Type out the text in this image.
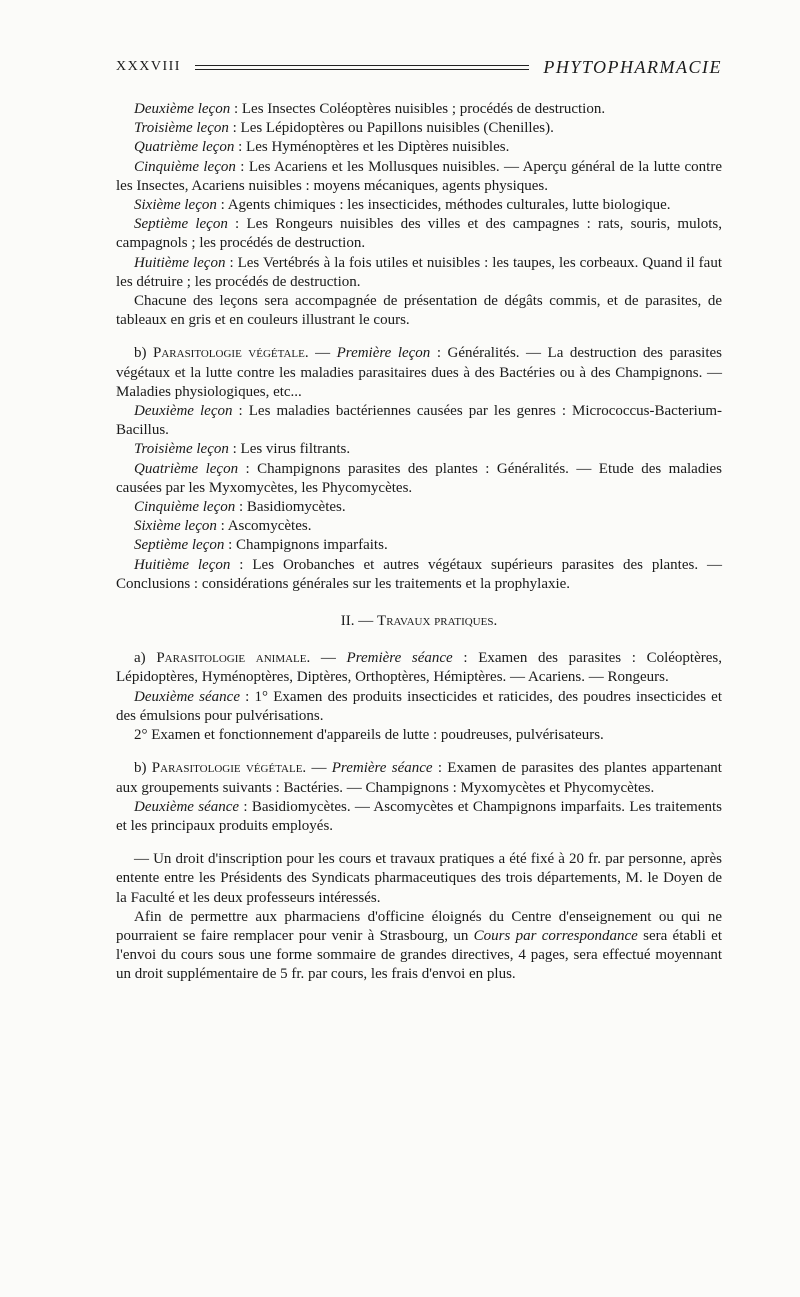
XXXVIII	PHYTOPHARMACIE

Deuxième leçon : Les Insectes Coléoptères nuisibles ; procédés de destruction.

Troisième leçon : Les Lépidoptères ou Papillons nuisibles (Chenilles).

Quatrième leçon : Les Hyménoptères et les Diptères nuisibles.

Cinquième leçon : Les Acariens et les Mollusques nuisibles. — Aperçu général de la lutte contre les Insectes, Acariens nuisibles : moyens mécaniques, agents physiques.

Sixième leçon : Agents chimiques : les insecticides, méthodes culturales, lutte biologique.

Septième leçon : Les Rongeurs nuisibles des villes et des campagnes : rats, souris, mulots, campagnols ; les procédés de destruction.

Huitième leçon : Les Vertébrés à la fois utiles et nuisibles : les taupes, les corbeaux. Quand il faut les détruire ; les procédés de destruction.

Chacune des leçons sera accompagnée de présentation de dégâts commis, et de parasites, de tableaux en gris et en couleurs illustrant le cours.

b) Parasitologie végétale. — Première leçon : Généralités. — La destruction des parasites végétaux et la lutte contre les maladies parasitaires dues à des Bactéries ou à des Champignons. — Maladies physiologiques, etc...

Deuxième leçon : Les maladies bactériennes causées par les genres : Micrococcus-Bacterium-Bacillus.

Troisième leçon : Les virus filtrants.

Quatrième leçon : Champignons parasites des plantes : Généralités. — Etude des maladies causées par les Myxomycètes, les Phycomycètes.

Cinquième leçon : Basidiomycètes.

Sixième leçon : Ascomycètes.

Septième leçon : Champignons imparfaits.

Huitième leçon : Les Orobanches et autres végétaux supérieurs parasites des plantes. — Conclusions : considérations générales sur les traitements et la prophylaxie.

II. — Travaux pratiques.

a) Parasitologie animale. — Première séance : Examen des parasites : Coléoptères, Lépidoptères, Hyménoptères, Diptères, Orthoptères, Hémiptères. — Acariens. — Rongeurs.

Deuxième séance : 1° Examen des produits insecticides et raticides, des poudres insecticides et des émulsions pour pulvérisations.

2° Examen et fonctionnement d'appareils de lutte : poudreuses, pulvérisateurs.

b) Parasitologie végétale. — Première séance : Examen de parasites des plantes appartenant aux groupements suivants : Bactéries. — Champignons : Myxomycètes et Phycomycètes.

Deuxième séance : Basidiomycètes. — Ascomycètes et Champignons imparfaits. Les traitements et les principaux produits employés.

— Un droit d'inscription pour les cours et travaux pratiques a été fixé à 20 fr. par personne, après entente entre les Présidents des Syndicats pharmaceutiques des trois départements, M. le Doyen de la Faculté et les deux professeurs intéressés.

Afin de permettre aux pharmaciens d'officine éloignés du Centre d'enseignement ou qui ne pourraient se faire remplacer pour venir à Strasbourg, un Cours par correspondance sera établi et l'envoi du cours sous une forme sommaire de grandes directives, 4 pages, sera effectué moyennant un droit supplémentaire de 5 fr. par cours, les frais d'envoi en plus.
